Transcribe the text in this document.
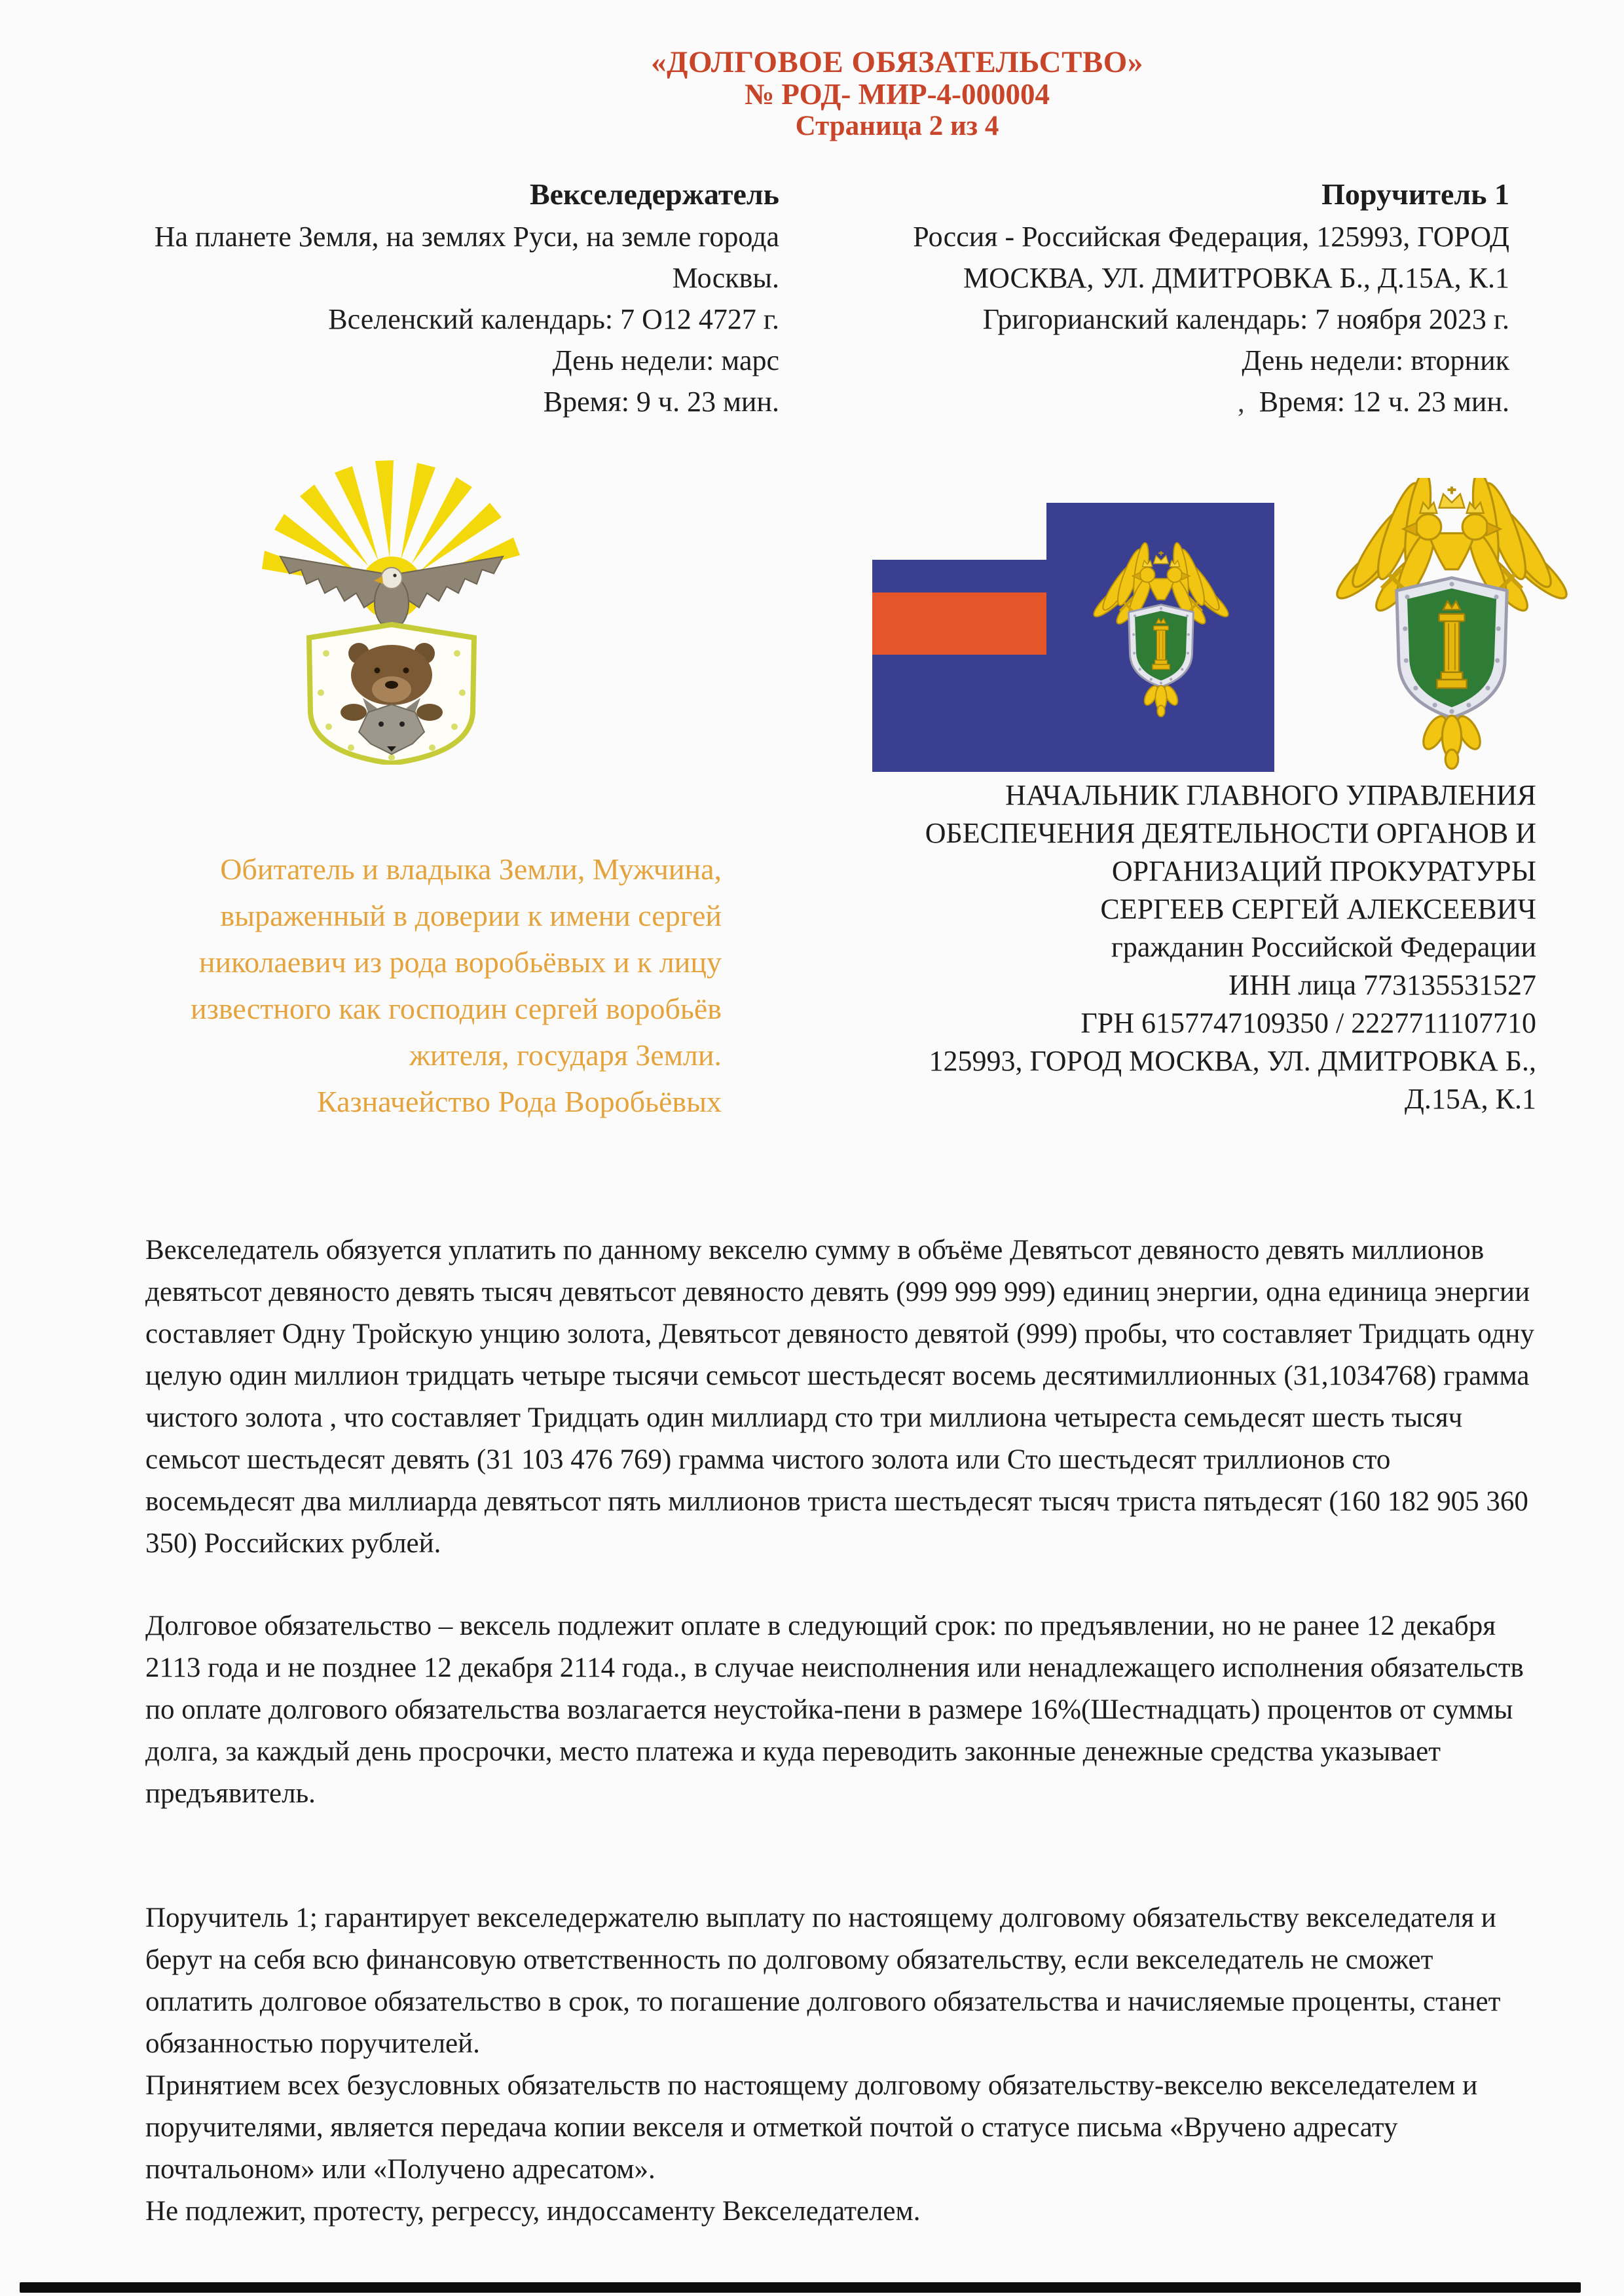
«ДОЛГОВОЕ ОБЯЗАТЕЛЬСТВО»
№ РОД- МИР-4-000004
Страница 2 из 4
Векселедержатель
На планете Земля, на землях Руси, на земле города Москвы.
Вселенский календарь: 7 О12 4727 г.
День недели: марс
Время: 9 ч. 23 мин.
Поручитель 1
Россия - Российская Федерация, 125993, ГОРОД МОСКВА, УЛ. ДМИТРОВКА Б., Д.15А, К.1
Григорианский календарь: 7 ноября 2023 г.
День недели: вторник
Время: 12 ч. 23 мин.
‚
Обитатель и владыка Земли, Мужчина,
выраженный в доверии к имени сергей
николаевич из рода воробьёвых и к лицу
известного как господин сергей воробьёв
жителя, государя Земли.
Казначейство Рода Воробьёвых
НАЧАЛЬНИК ГЛАВНОГО УПРАВЛЕНИЯ
ОБЕСПЕЧЕНИЯ ДЕЯТЕЛЬНОСТИ ОРГАНОВ И
ОРГАНИЗАЦИЙ ПРОКУРАТУРЫ
СЕРГЕЕВ СЕРГЕЙ АЛЕКСЕЕВИЧ
гражданин Российской Федерации
ИНН лица 773135531527
ГРН 6157747109350 / 2227711107710
125993, ГОРОД МОСКВА, УЛ. ДМИТРОВКА Б., Д.15А, К.1
Векселедатель обязуется уплатить по данному векселю сумму в объёме Девятьсот девяносто девять миллионов девятьсот девяносто девять тысяч девятьсот девяносто девять (999 999 999) единиц энергии, одна единица энергии составляет Одну Тройскую унцию золота, Девятьсот девяносто девятой (999) пробы, что составляет Тридцать одну целую один миллион тридцать четыре тысячи семьсот шестьдесят восемь десятимиллионных (31,1034768) грамма чистого золота , что составляет Тридцать один миллиард сто три миллиона четыреста семьдесят шесть тысяч семьсот шестьдесят девять (31 103 476 769) грамма чистого золота или Сто шестьдесят триллионов сто восемьдесят два миллиарда девятьсот пять миллионов триста шестьдесят тысяч триста пятьдесят (160 182 905 360 350) Российских рублей.
Долговое обязательство – вексель подлежит оплате в следующий срок: по предъявлении, но не ранее 12 декабря 2113 года и не позднее 12 декабря 2114 года., в случае неисполнения или ненадлежащего исполнения обязательств по оплате долгового обязательства возлагается неустойка-пени в размере 16%(Шестнадцать) процентов от суммы долга, за каждый день просрочки, место платежа и куда переводить законные денежные средства указывает предъявитель.
Поручитель 1; гарантирует векселедержателю выплату по настоящему долговому обязательству векселедателя и берут на себя всю финансовую ответственность по долговому обязательству, если векселедатель не сможет оплатить долговое обязательство в срок, то погашение долгового обязательства и начисляемые проценты, станет обязанностью поручителей.
Принятием всех безусловных обязательств по настоящему долговому обязательству-векселю векселедателем и поручителями, является передача копии векселя и отметкой почтой о статусе письма «Вручено адресату почтальоном» или «Получено адресатом».
Не подлежит, протесту, регрессу, индоссаменту Векселедателем.
